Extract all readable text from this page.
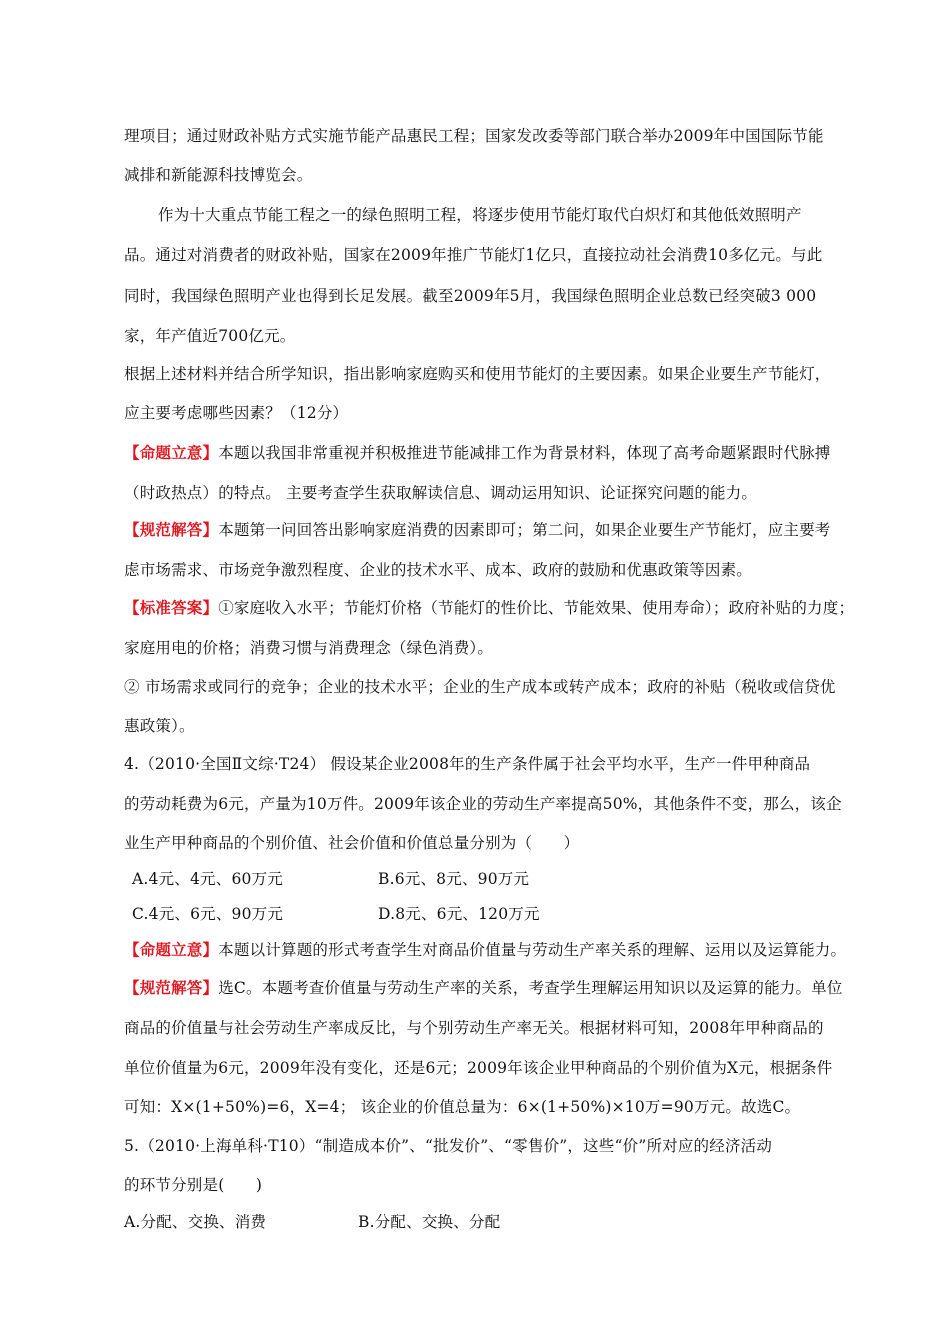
理项目；通过财政补贴方式实施节能产品惠民工程；国家发改委等部门联合举办2009年中国国际节能
减排和新能源科技博览会。
作为十大重点节能工程之一的绿色照明工程，将逐步使用节能灯取代白炽灯和其他低效照明产
品。通过对消费者的财政补贴，国家在2009年推广节能灯1亿只，直接拉动社会消费10多亿元。与此
同时，我国绿色照明产业也得到长足发展。截至2009年5月，我国绿色照明企业总数已经突破3 000
家，年产值近700亿元。
根据上述材料并结合所学知识，指出影响家庭购买和使用节能灯的主要因素。如果企业要生产节能灯，
应主要考虑哪些因素？（12分）
【命题立意】本题以我国非常重视并积极推进节能减排工作为背景材料，体现了高考命题紧跟时代脉搏
（时政热点）的特点。 主要考查学生获取解读信息、调动运用知识、论证探究问题的能力。
【规范解答】本题第一问回答出影响家庭消费的因素即可；第二问，如果企业要生产节能灯，应主要考
虑市场需求、市场竞争激烈程度、企业的技术水平、成本、政府的鼓励和优惠政策等因素。
【标准答案】①家庭收入水平；节能灯价格（节能灯的性价比、节能效果、使用寿命）；政府补贴的力度；
家庭用电的价格；消费习惯与消费理念（绿色消费）。
② 市场需求或同行的竞争；企业的技术水平；企业的生产成本或转产成本；政府的补贴（税收或信贷优
惠政策）。
4.（2010·全国Ⅱ文综·T24） 假设某企业2008年的生产条件属于社会平均水平，生产一件甲种商品
的劳动耗费为6元，产量为10万件。2009年该企业的劳动生产率提高50%，其他条件不变，那么，该企
业生产甲种商品的个别价值、社会价值和价值总量分别为（　　）
A.4元、4元、60万元	B.6元、8元、90万元
C.4元、6元、90万元	D.8元、6元、120万元
【命题立意】本题以计算题的形式考查学生对商品价值量与劳动生产率关系的理解、运用以及运算能力。
【规范解答】选C。本题考查价值量与劳动生产率的关系，考查学生理解运用知识以及运算的能力。单位
商品的价值量与社会劳动生产率成反比，与个别劳动生产率无关。根据材料可知，2008年甲种商品的
单位价值量为6元，2009年没有变化，还是6元；2009年该企业甲种商品的个别价值为X元，根据条件
可知：X×(1+50%)=6，X=4； 该企业的价值总量为：6×(1+50%)×10万=90万元。故选C。
5.（2010·上海单科·T10）“制造成本价”、“批发价”、“零售价”，这些“价”所对应的经济活动
的环节分别是(　　)
A.分配、交换、消费	B.分配、交换、分配
